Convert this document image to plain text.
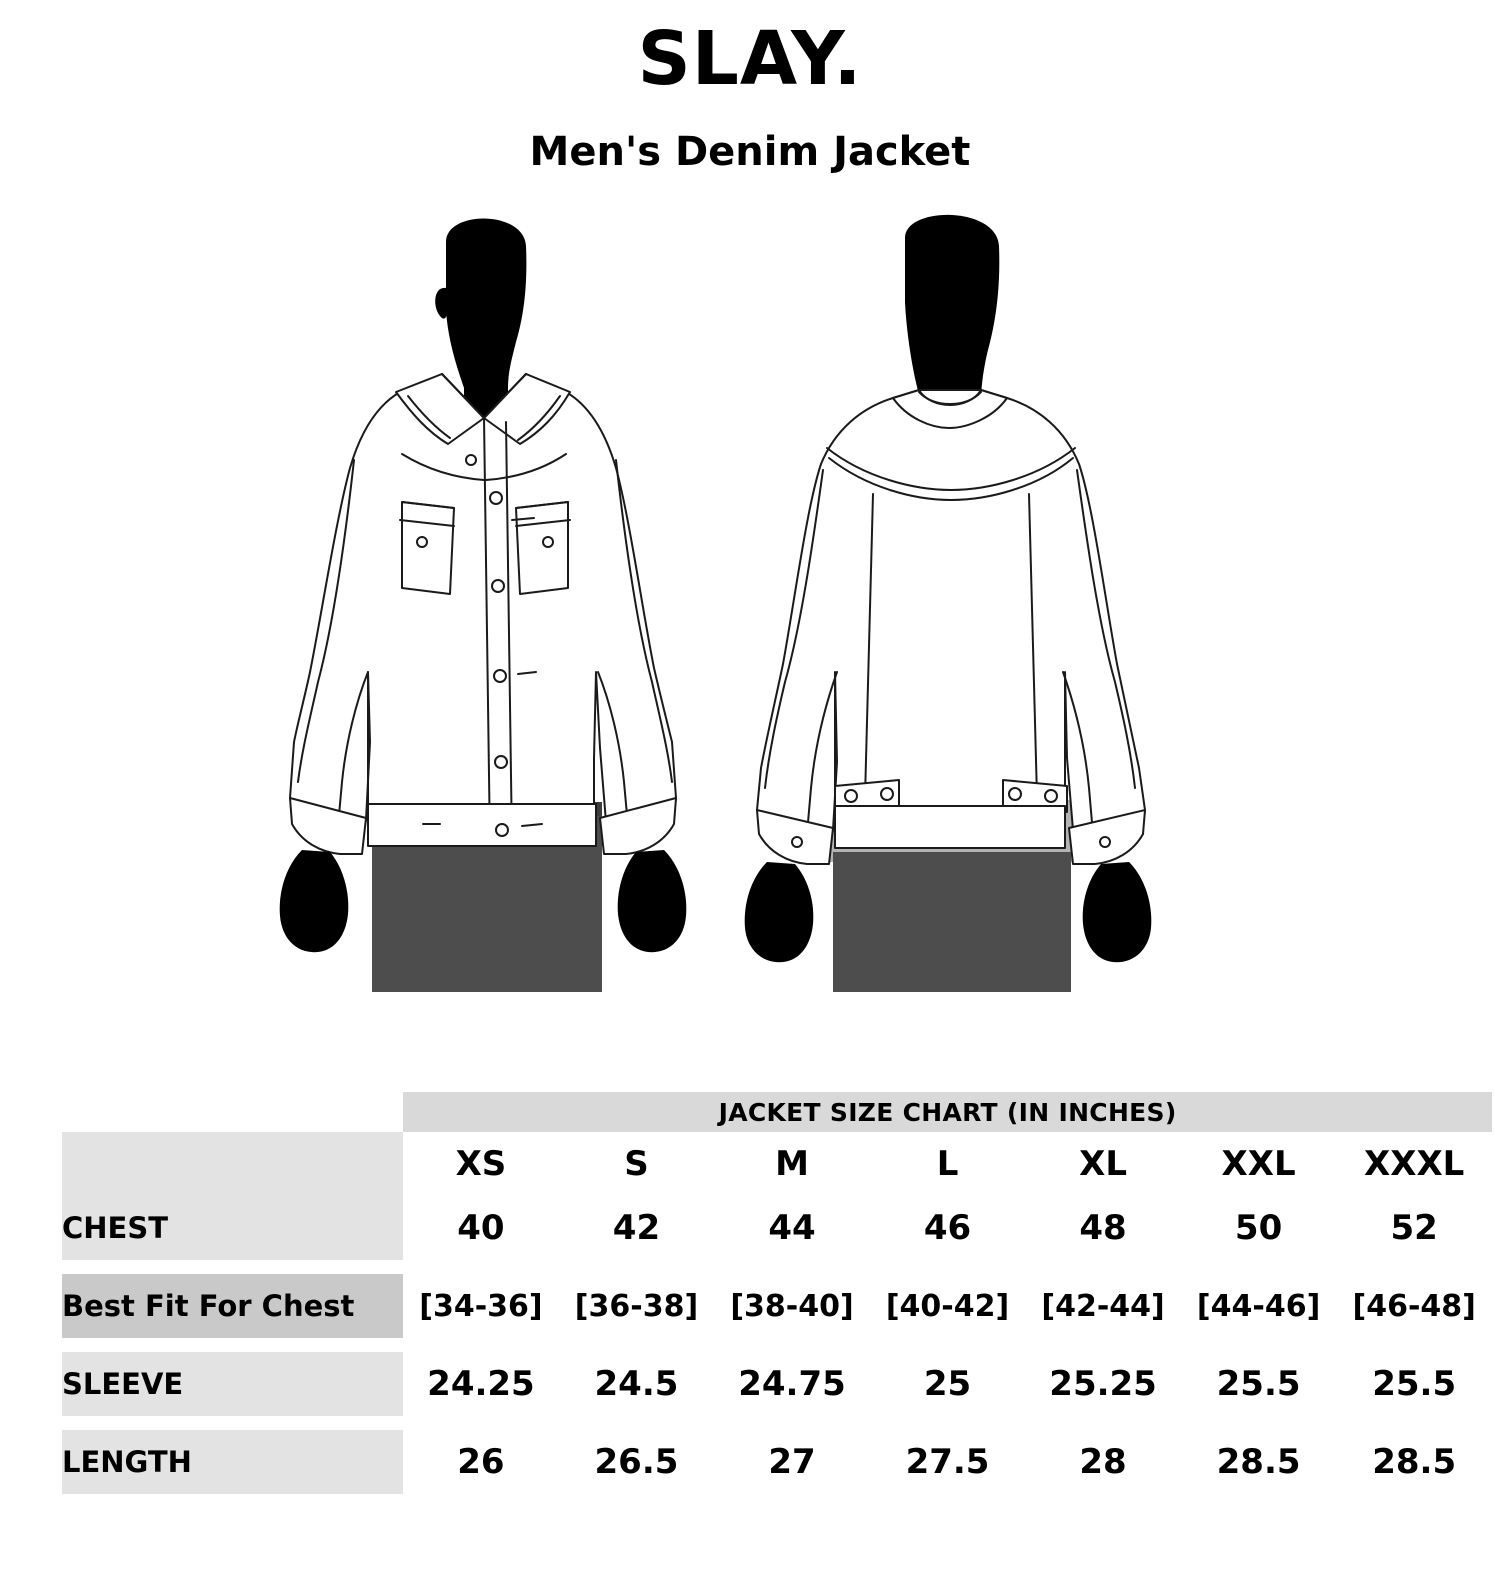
SLAY.
Men's Denim Jacket
	JACKET SIZE CHART (IN INCHES)						
	XS	S	M	L	XL	XXL	XXXL
CHEST	40	42	44	46	48	50	52

Best Fit For Chest	[34-36]	[36-38]	[38-40]	[40-42]	[42-44]	[44-46]	[46-48]

SLEEVE	24.25	24.5	24.75	25	25.25	25.5	25.5

LENGTH	26	26.5	27	27.5	28	28.5	28.5
